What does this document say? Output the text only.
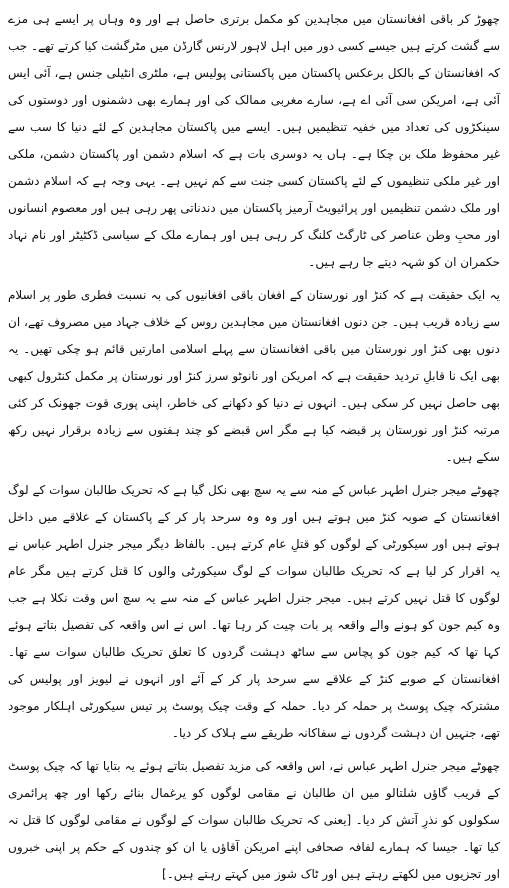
چھوڑ کر باقی افغانستان میں مجاہدین کو مکمل برتری حاصل ہے اور وہ وہاں پر ایسے ہی مزے سے گشت کرتے ہیں جیسے کسی دور میں اہل لاہور لارنس گارڈن میں مٹرگشت کیا کرتے تھے۔ جب کہ افغانستان کے بالکل برعکس پاکستان میں پاکستانی پولیس ہے، ملٹری انٹیلی جنس ہے، آئی ایس آئی ہے، امریکن سی آئی اے ہے، سارے مغربی ممالک کی اور ہمارے بھی دشمنوں اور دوستوں کی سینکڑوں کی تعداد میں خفیہ تنظیمیں ہیں۔ ایسے میں پاکستان مجاہدین کے لئے دنیا کا سب سے غیر محفوظ ملک بن چکا ہے۔ ہاں یہ دوسری بات ہے کہ اسلام دشمن اور پاکستان دشمن، ملکی اور غیر ملکی تنظیموں کے لئے پاکستان کسی جنت سے کم نہیں ہے۔ یہی وجہ ہے کہ اسلام دشمن اور ملک دشمن تنظیمیں اور پرائیویٹ آرمیز پاکستان میں دندناتی پھر رہی ہیں اور معصوم انسانوں اور محبِ وطن عناصر کی ٹارگٹ کلنگ کر رہی ہیں اور ہمارے ملک کے سیاسی ڈکٹیٹر اور نام نہاد حکمران ان کو شہہ دیتے جا رہے ہیں۔

یہ ایک حقیقت ہے کہ کنڑ اور نورستان کے افغان باقی افغانیوں کی بہ نسبت فطری طور پر اسلام سے زیادہ قریب ہیں۔ جن دنوں افغانستان میں مجاہدین روس کے خلاف جہاد میں مصروف تھے، ان دنوں بھی کنڑ اور نورستان میں باقی افغانستان سے پہلے اسلامی امارتیں قائم ہو چکی تھیں۔ یہ بھی ایک نا قابلِ تردید حقیقت ہے کہ امریکن اور نانوٹو سرز کنڑ اور نورستان پر مکمل کنٹرول کبھی بھی حاصل نہیں کر سکی ہیں۔ انہوں نے دنیا کو دکھانے کی خاطر، اپنی پوری قوت جھونک کر کئی مرتبہ کنڑ اور نورستان پر قبضہ کیا ہے مگر اس قبضے کو چند ہفتوں سے زیادہ برقرار نہیں رکھ سکے ہیں۔

چھوٹے میجر جنرل اطہر عباس کے منہ سے یہ سچ بھی نکل گیا ہے کہ تحریک طالبان سوات کے لوگ افغانستان کے صوبہ کنڑ میں ہوتے ہیں اور وہ وہ سرحد پار کر کے پاکستان کے علاقے میں داخل ہوتے ہیں اور سیکورٹی کے لوگوں کو قتلِ عام کرتے ہیں۔ بالفاظ دیگر میجر جنرل اطہر عباس نے یہ اقرار کر لیا ہے کہ تحریک طالبان سوات کے لوگ سیکورٹی والوں کا قتل کرتے ہیں مگر عام لوگوں کا قتل نہیں کرتے ہیں۔ میجر جنرل اطہر عباس کے منہ سے یہ سچ اس وقت نکلا ہے جب وہ کیم جون کو ہونے والے واقعہ پر بات چیت کر رہا تھا۔ اس نے اس واقعہ کی تفصیل بتاتے ہوئے کہا تھا کہ کیم جون کو پچاس سے ساٹھ دہشت گردوں کا تعلق تحریک طالبان سوات سے تھا۔ افغانستان کے صوبے کنڑ کے علاقے سے سرحد پار کر کے آئے اور انہوں نے لیویز اور پولیس کی مشترکہ چیک پوسٹ پر حملہ کر دیا۔ حملہ کے وقت چیک پوسٹ پر تیس سیکورٹی اہلکار موجود تھے، جنہیں ان دہشت گردوں نے سفاکانہ طریقے سے ہلاک کر دیا۔

چھوٹے میجر جنرل اطہر عباس نے، اس واقعہ کی مزید تفصیل بتاتے ہوئے یہ بتایا تھا کہ چیک پوسٹ کے قریب گاؤں شلتالو میں ان طالبان نے مقامی لوگوں کو یرغمال بنائے رکھا اور چھ پرائمری سکولوں کو نذرِ آتش کر دیا۔ [یعنی کہ تحریک طالبان سوات کے لوگوں نے مقامی لوگوں کا قتل نہ کیا تھا۔ جیسا کہ ہمارے لفافہ صحافی اپنے امریکن آقاؤں یا ان کو چندوں کے حکم پر اپنی خبروں اور تجزیوں میں لکھتے رہتے ہیں اور ٹاک شوز میں کہتے رہتے ہیں۔]
